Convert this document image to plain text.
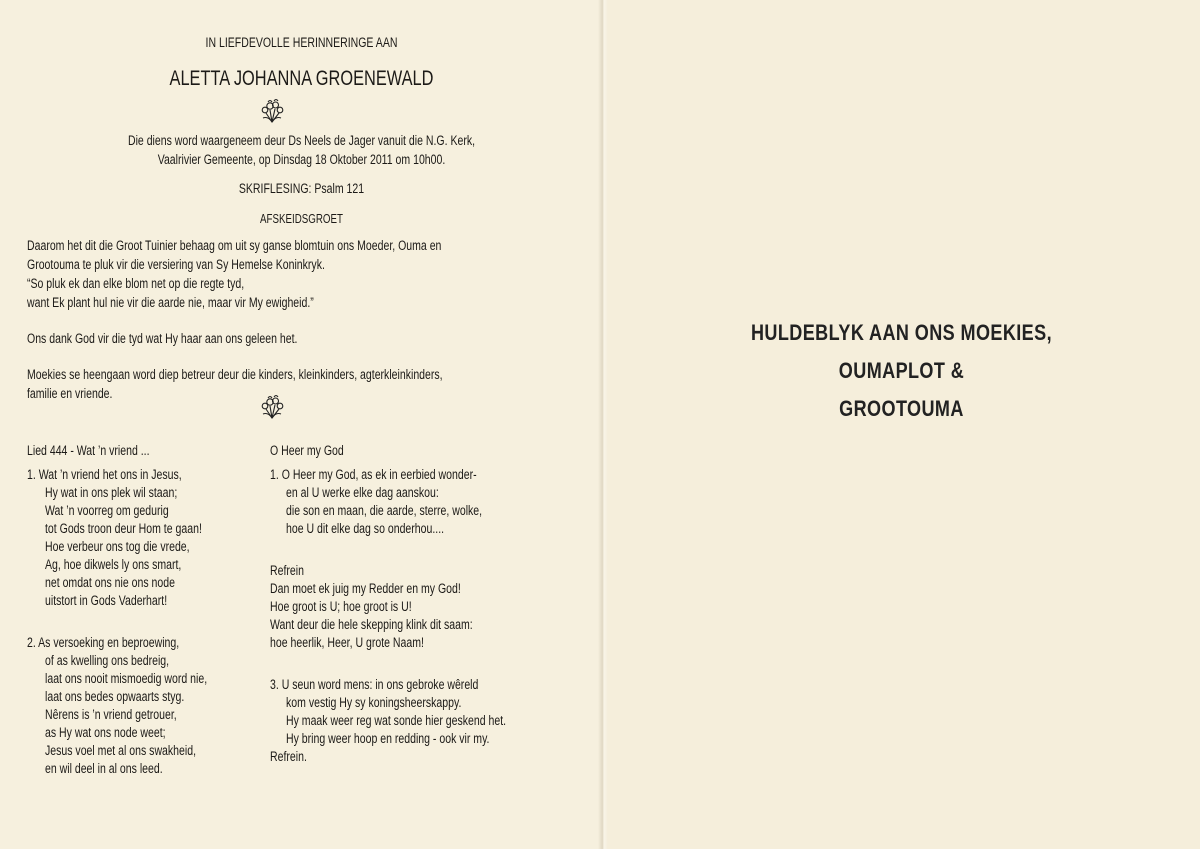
IN LIEFDEVOLLE HERINNERINGE AAN
ALETTA JOHANNA GROENEWALD
Die diens word waargeneem deur Ds Neels de Jager vanuit die N.G. Kerk,
Vaalrivier Gemeente, op Dinsdag 18 Oktober 2011 om 10h00.
SKRIFLESING: Psalm 121
AFSKEIDSGROET
Daarom het dit die Groot Tuinier behaag om uit sy ganse blomtuin ons Moeder, Ouma en
Grootouma te pluk vir die versiering van Sy Hemelse Koninkryk.
“So pluk ek dan elke blom net op die regte tyd,
want Ek plant hul nie vir die aarde nie, maar vir My ewigheid.”
Ons dank God vir die tyd wat Hy haar aan ons geleen het.
Moekies se heengaan word diep betreur deur die kinders, kleinkinders, agterkleinkinders,
familie en vriende.
Lied 444 - Wat ’n vriend ...
1. Wat ’n vriend het ons in Jesus,
Hy wat in ons plek wil staan;
Wat ’n voorreg om gedurig
tot Gods troon deur Hom te gaan!
Hoe verbeur ons tog die vrede,
Ag, hoe dikwels ly ons smart,
net omdat ons nie ons node
uitstort in Gods Vaderhart!
2. As versoeking en beproewing,
of as kwelling ons bedreig,
laat ons nooit mismoedig word nie,
laat ons bedes opwaarts styg.
Nêrens is ’n vriend getrouer,
as Hy wat ons node weet;
Jesus voel met al ons swakheid,
en wil deel in al ons leed.
O Heer my God
1. O Heer my God, as ek in eerbied wonder-
en al U werke elke dag aanskou:
die son en maan, die aarde, sterre, wolke,
hoe U dit elke dag so onderhou....
Refrein
Dan moet ek juig my Redder en my God!
Hoe groot is U; hoe groot is U!
Want deur die hele skepping klink dit saam:
hoe heerlik, Heer, U grote Naam!
3. U seun word mens: in ons gebroke wêreld
kom vestig Hy sy koningsheerskappy.
Hy maak weer reg wat sonde hier geskend het.
Hy bring weer hoop en redding - ook vir my.
Refrein.
HULDEBLYK AAN ONS MOEKIES,
OUMAPLOT &
GROOTOUMA
